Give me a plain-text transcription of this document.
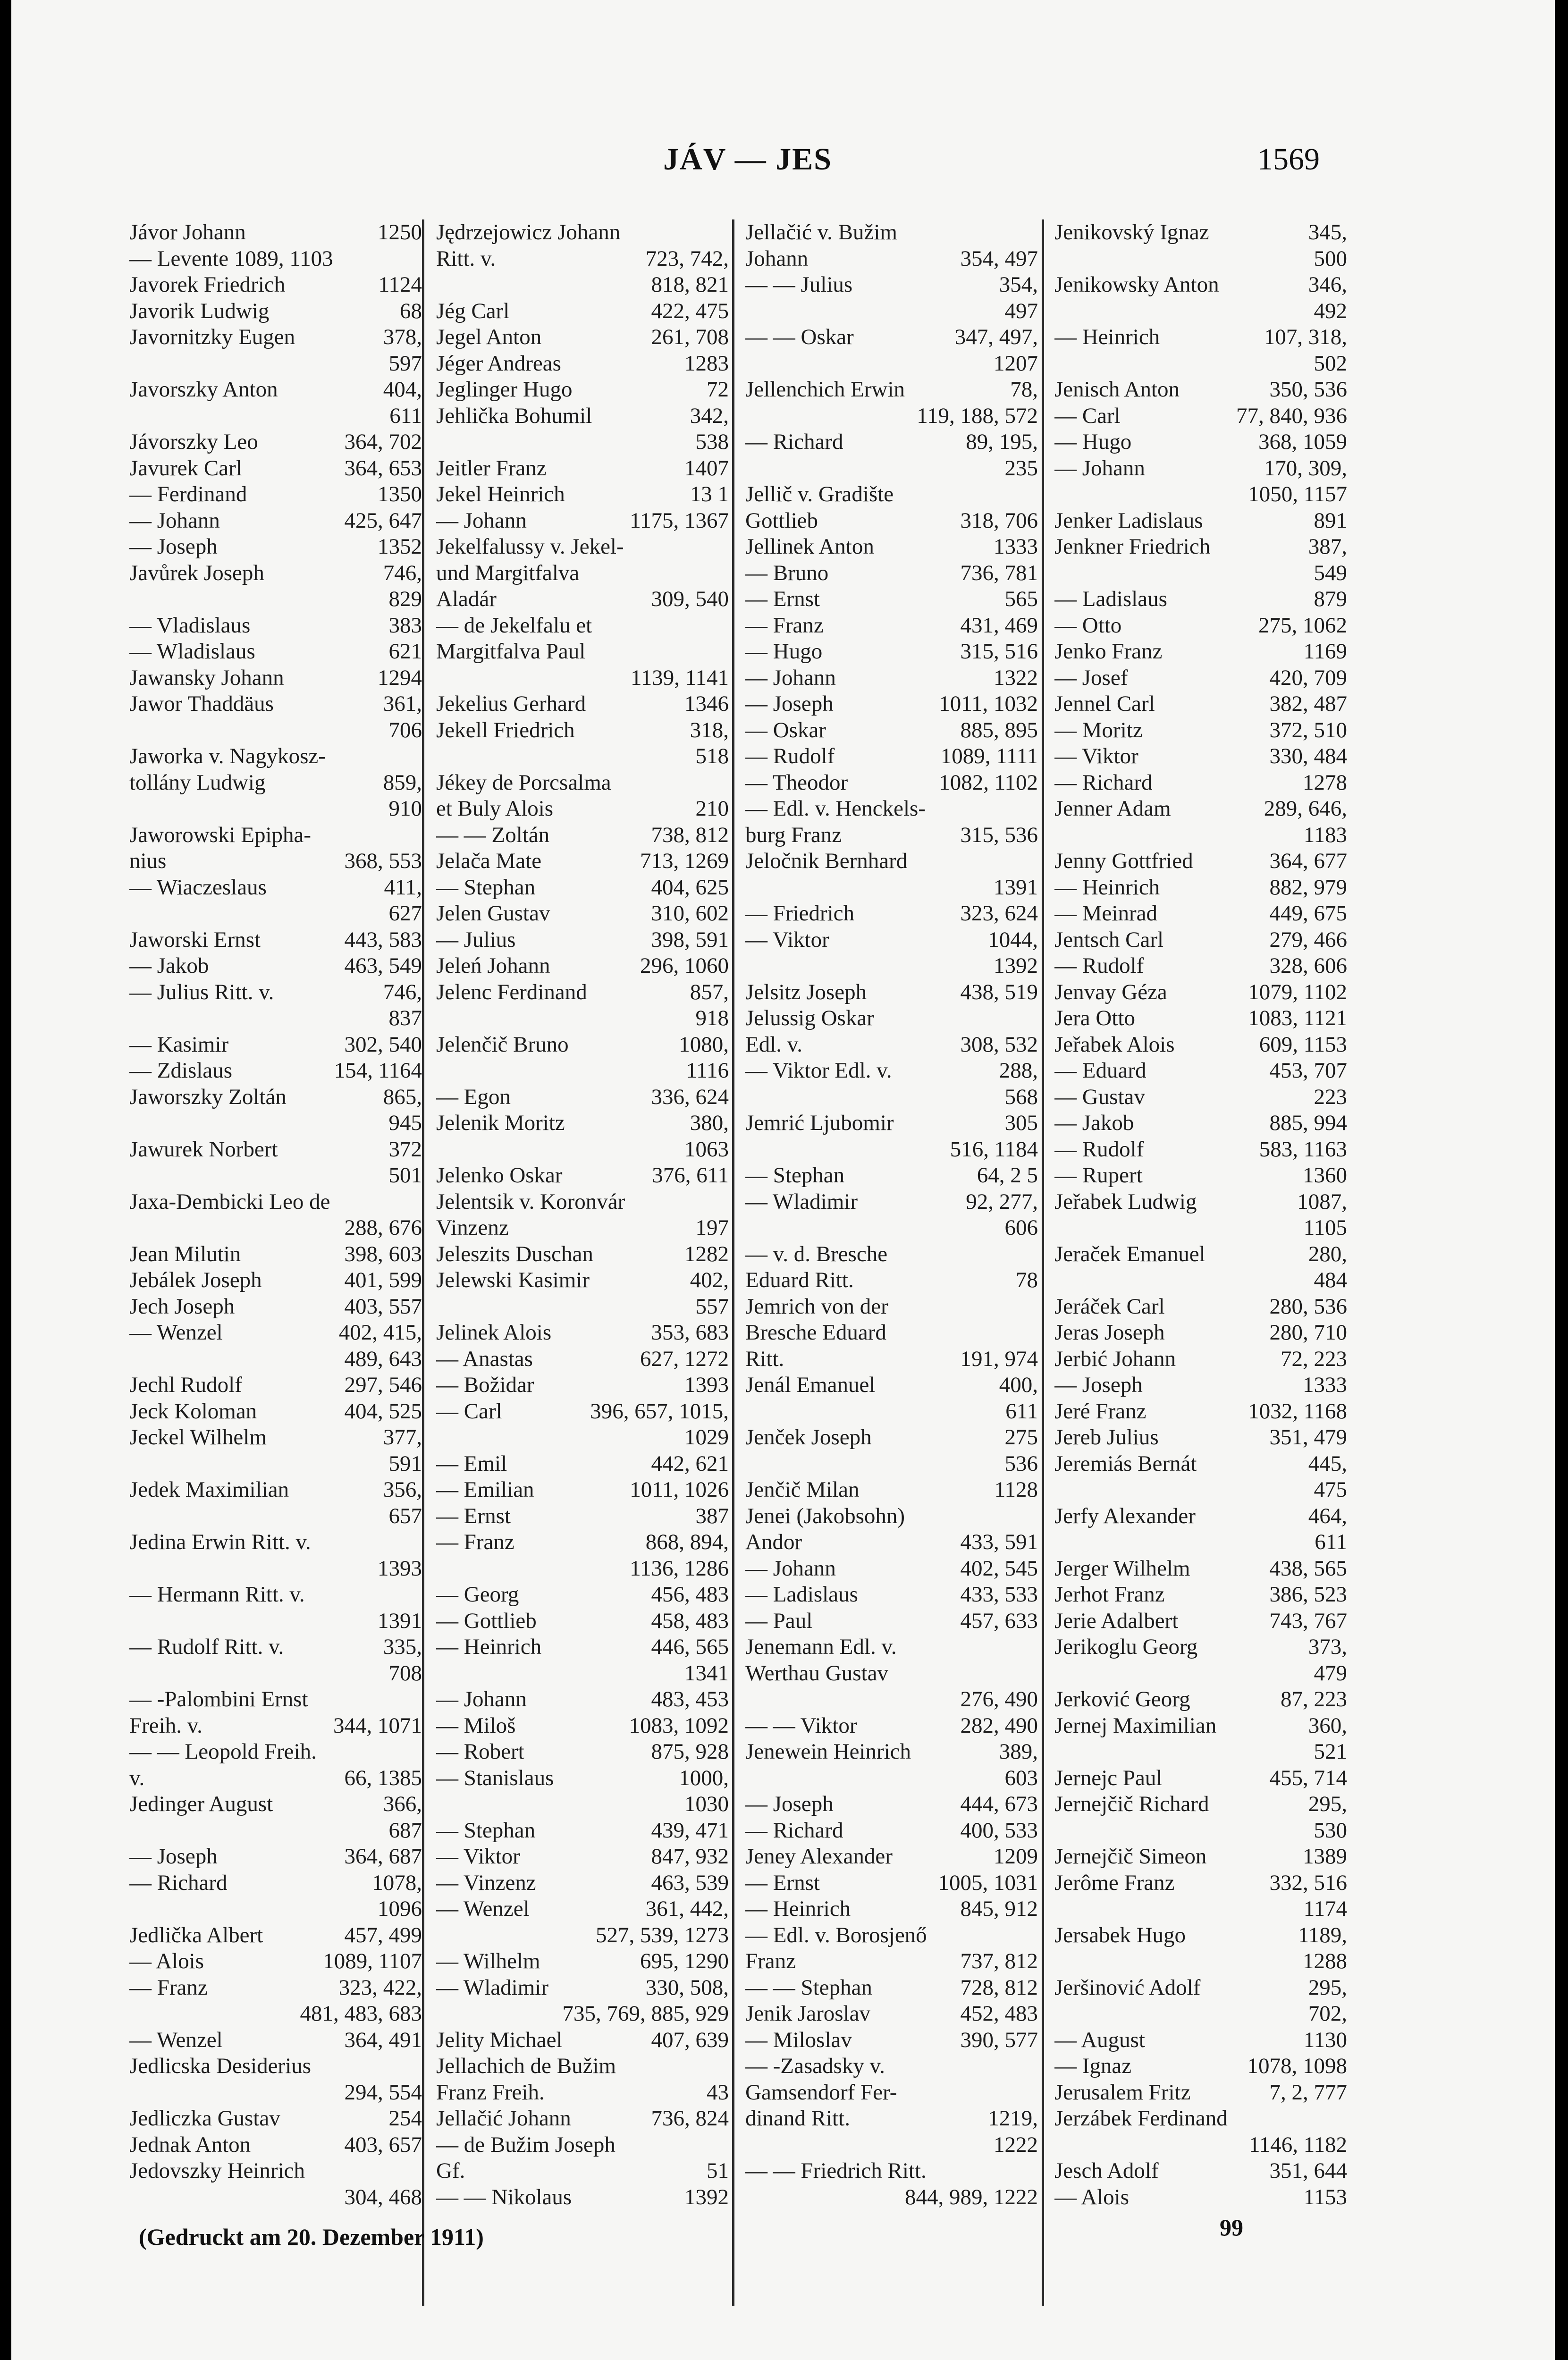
JÁV — JES	1569
Jávor Johann	1250
— Levente 1089, 1103
Javorek Friedrich	1124
Javorik Ludwig	68
Javornitzky Eugen	378,
597
Javorszky Anton	404,
611
Jávorszky Leo	364, 702
Javurek Carl	364, 653
— Ferdinand	1350
— Johann	425, 647
— Joseph	1352
Javůrek Joseph	746,
829
— Vladislaus	383
— Wladislaus	621
Jawansky Johann	1294
Jawor Thaddäus	361,
706
Jaworka v. Nagykosz-
tollány Ludwig	859,
910
Jaworowski Epipha-
nius	368, 553
— Wiaczeslaus	411,
627
Jaworski Ernst	443, 583
— Jakob	463, 549
— Julius Ritt. v.	746,
837
— Kasimir	302, 540
— Zdislaus	154, 1164
Jaworszky Zoltán	865,
945
Jawurek Norbert	372
501
Jaxa-Dembicki Leo de
288, 676
Jean Milutin	398, 603
Jebálek Joseph	401, 599
Jech Joseph	403, 557
— Wenzel	402, 415,
489, 643
Jechl Rudolf	297, 546
Jeck Koloman	404, 525
Jeckel Wilhelm	377,
591
Jedek Maximilian	356,
657
Jedina Erwin Ritt. v.
1393
— Hermann Ritt. v.
1391
— Rudolf Ritt. v.	335,
708
— -Palombini Ernst
Freih. v.	344, 1071
— — Leopold Freih.
v.	66, 1385
Jedinger August	366,
687
— Joseph	364, 687
— Richard	1078,
1096
Jedlička Albert	457, 499
— Alois	1089, 1107
— Franz	323, 422,
481, 483, 683
— Wenzel	364, 491
Jedlicska Desiderius
294, 554
Jedliczka Gustav	254
Jednak Anton	403, 657
Jedovszky Heinrich
304, 468
Jędrzejowicz Johann
Ritt. v.	723, 742,
818, 821
Jég Carl	422, 475
Jegel Anton	261, 708
Jéger Andreas	1283
Jeglinger Hugo	72
Jehlička Bohumil	342,
538
Jeitler Franz	1407
Jekel Heinrich	13 1
— Johann	1175, 1367
Jekelfalussy v. Jekel-
und Margitfalva
Aladár	309, 540
— de Jekelfalu et
Margitfalva Paul
1139, 1141
Jekelius Gerhard	1346
Jekell Friedrich	318,
518
Jékey de Porcsalma
et Buly Alois	210
— — Zoltán	738, 812
Jelača Mate	713, 1269
— Stephan	404, 625
Jelen Gustav	310, 602
— Julius	398, 591
Jeleń Johann	296, 1060
Jelenc Ferdinand	857,
918
Jelenčič Bruno	1080,
1116
— Egon	336, 624
Jelenik Moritz	380,
1063
Jelenko Oskar	376, 611
Jelentsik v. Koronvár
Vinzenz	197
Jeleszits Duschan	1282
Jelewski Kasimir	402,
557
Jelinek Alois	353, 683
— Anastas	627, 1272
— Božidar	1393
— Carl	396, 657, 1015,
1029
— Emil	442, 621
— Emilian	1011, 1026
— Ernst	387
— Franz	868, 894,
1136, 1286
— Georg	456, 483
— Gottlieb	458, 483
— Heinrich	446, 565
1341
— Johann	483, 453
— Miloš	1083, 1092
— Robert	875, 928
— Stanislaus	1000,
1030
— Stephan	439, 471
— Viktor	847, 932
— Vinzenz	463, 539
— Wenzel	361, 442,
527, 539, 1273
— Wilhelm	695, 1290
— Wladimir	330, 508,
735, 769, 885, 929
Jelity Michael	407, 639
Jellachich de Bužim
Franz Freih.	43
Jellačić Johann	736, 824
— de Bužim Joseph
Gf.	51
— — Nikolaus	1392
Jellačić v. Bužim
Johann	354, 497
— — Julius	354,
497
— — Oskar	347, 497,
1207
Jellenchich Erwin	78,
119, 188, 572
— Richard	89, 195,
235
Jellič v. Gradište
Gottlieb	318, 706
Jellinek Anton	1333
— Bruno	736, 781
— Ernst	565
— Franz	431, 469
— Hugo	315, 516
— Johann	1322
— Joseph	1011, 1032
— Oskar	885, 895
— Rudolf	1089, 1111
— Theodor	1082, 1102
— Edl. v. Henckels-
burg Franz	315, 536
Jeločnik Bernhard
1391
— Friedrich	323, 624
— Viktor	1044,
1392
Jelsitz Joseph	438, 519
Jelussig Oskar
Edl. v.	308, 532
— Viktor Edl. v.	288,
568
Jemrić Ljubomir	305
516, 1184
— Stephan	64, 2 5
— Wladimir	92, 277,
606
— v. d. Bresche
Eduard Ritt.	78
Jemrich von der
Bresche Eduard
Ritt.	191, 974
Jenál Emanuel	400,
611
Jenček Joseph	275
536
Jenčič Milan	1128
Jenei (Jakobsohn)
Andor	433, 591
— Johann	402, 545
— Ladislaus	433, 533
— Paul	457, 633
Jenemann Edl. v.
Werthau Gustav
276, 490
— — Viktor	282, 490
Jenewein Heinrich	389,
603
— Joseph	444, 673
— Richard	400, 533
Jeney Alexander	1209
— Ernst	1005, 1031
— Heinrich	845, 912
— Edl. v. Borosjenő
Franz	737, 812
— — Stephan	728, 812
Jenik Jaroslav	452, 483
— Miloslav	390, 577
— -Zasadsky v.
Gamsendorf Fer-
dinand Ritt.	1219,
1222
— — Friedrich Ritt.
844, 989, 1222
Jenikovský Ignaz	345,
500
Jenikowsky Anton	346,
492
— Heinrich	107, 318,
502
Jenisch Anton	350, 536
— Carl	77, 840, 936
— Hugo	368, 1059
— Johann	170, 309,
1050, 1157
Jenker Ladislaus	891
Jenkner Friedrich	387,
549
— Ladislaus	879
— Otto	275, 1062
Jenko Franz	1169
— Josef	420, 709
Jennel Carl	382, 487
— Moritz	372, 510
— Viktor	330, 484
— Richard	1278
Jenner Adam	289, 646,
1183
Jenny Gottfried	364, 677
— Heinrich	882, 979
— Meinrad	449, 675
Jentsch Carl	279, 466
— Rudolf	328, 606
Jenvay Géza	1079, 1102
Jera Otto	1083, 1121
Jeřabek Alois	609, 1153
— Eduard	453, 707
— Gustav	223
— Jakob	885, 994
— Rudolf	583, 1163
— Rupert	1360
Jeřabek Ludwig	1087,
1105
Jeraček Emanuel	280,
484
Jeráček Carl	280, 536
Jeras Joseph	280, 710
Jerbić Johann	72, 223
— Joseph	1333
Jeré Franz	1032, 1168
Jereb Julius	351, 479
Jeremiás Bernát	445,
475
Jerfy Alexander	464,
611
Jerger Wilhelm	438, 565
Jerhot Franz	386, 523
Jerie Adalbert	743, 767
Jerikoglu Georg	373,
479
Jerković Georg	87, 223
Jernej Maximilian	360,
521
Jernejc Paul	455, 714
Jernejčič Richard	295,
530
Jernejčič Simeon	1389
Jerôme Franz	332, 516
1174
Jersabek Hugo	1189,
1288
Jeršinović Adolf	295,
702,
— August	1130
— Ignaz	1078, 1098
Jerusalem Fritz	7, 2, 777
Jerzábek Ferdinand
1146, 1182
Jesch Adolf	351, 644
— Alois	1153
(Gedruckt am 20. Dezember 1911)	99
